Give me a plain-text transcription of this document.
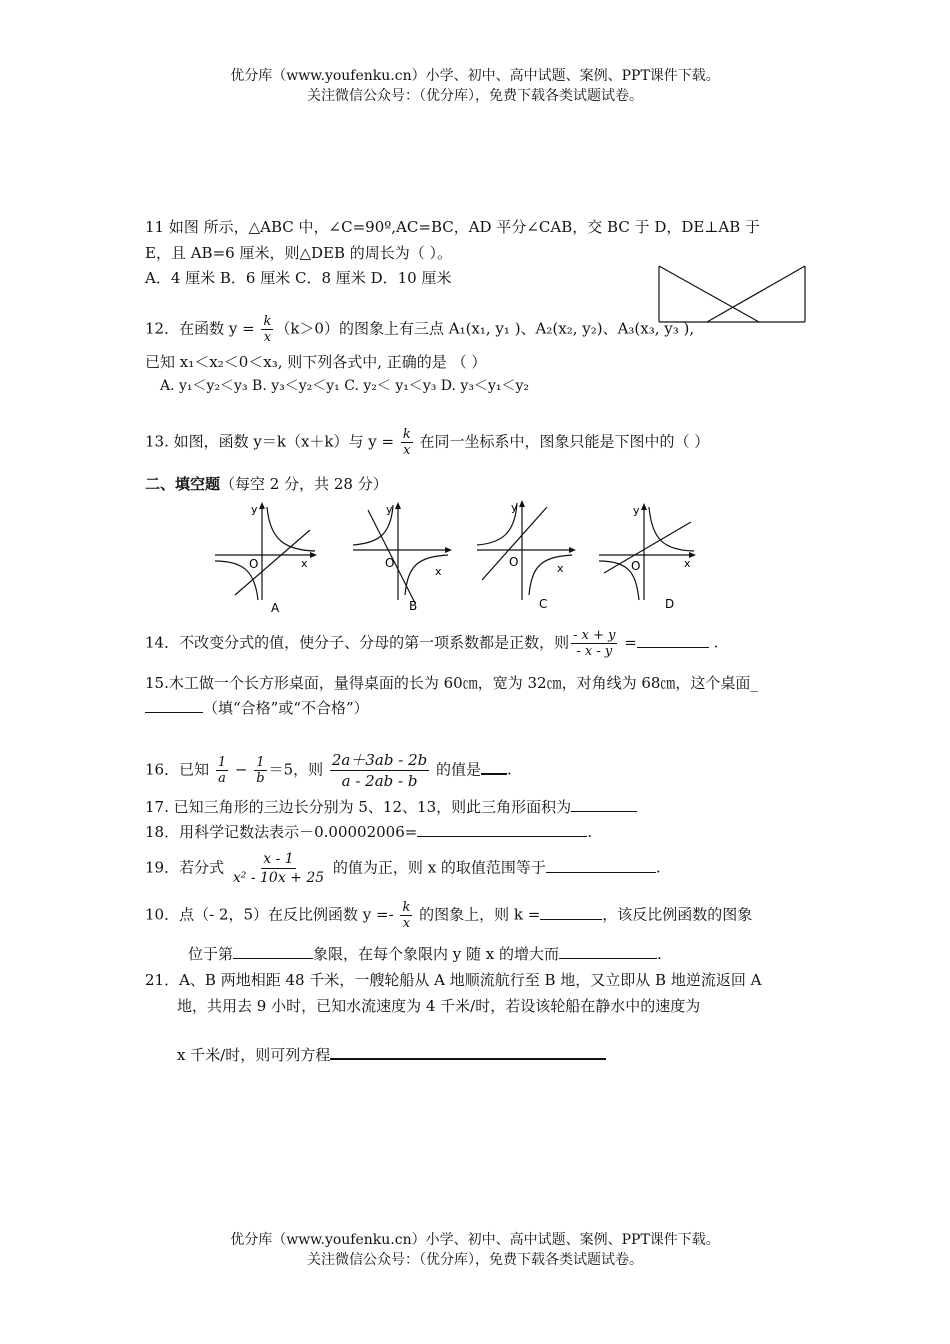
优分库（www.youfenku.cn）小学、初中、高中试题、案例、PPT课件下载。
关注微信公众号：（优分库），免费下载各类试题试卷。
11 如图 所示，△ABC 中，∠C=90º,AC=BC，AD 平分∠CAB，交 BC 于 D，DE⊥AB 于
E，且 AB=6 厘米，则△DEB 的周长为（ ）。
A．4 厘米 B．6 厘米 C．8 厘米 D．10 厘米
12．在函数 $y = \frac{k}{x} (k>0)$的图象上有三点 A₁(x₁, y₁ )、A₂(x₂, y₂)、A₃(x₃, y₃ ),
已知 x₁＜x₂＜0＜x₃, 则下列各式中, 正确的是 （ ）
A. y₁＜y₂＜y₃ B. y₃＜y₂＜y₁ C. y₂＜ y₁＜y₃ D. y₃＜y₁＜y₂
13. 如图，函数 y＝k（x＋k）与 $y = \frac{k}{x}$ 在同一坐标系中，图象只能是下图中的（ ）
二、填空题（每空 2 分，共 28 分）
y
x
O
A
y
x
O
B
y
x
O
C
y
x
O
D
14．不改变分式的值，使分子、分母的第一项系数都是正数，则 $\frac{- x + y}{- x - y}$ =	.
15.木工做一个长方形桌面，量得桌面的长为 60㎝，宽为 32㎝，对角线为 68㎝，这个桌面_
（填“合格”或“不合格”）
16．已知 $\frac{1}{a} - \frac{1}{b} =5$，则 $\frac{2a+3ab - 2b}{a - 2ab - b}$ 的值是 .
17. 已知三角形的三边长分别为 5、12、13，则此三角形面积为
18．用科学记数法表示－0.00002006=	.
19．若分式 $\frac{x - 1}{\text{x² - 10x + 25}}$ 的值为正，则 x 的取值范围等于	.
10．点（- 2，5）在反比例函数 $y =- \frac{k}{x}$ 的图象上，则 k =	，该反比例函数的图象
位于第	象限，在每个象限内 y 随 x 的增大而	.
21．A、B 两地相距 48 千米，一艘轮船从 A 地顺流航行至 B 地，又立即从 B 地逆流返回 A
地，共用去 9 小时，已知水流速度为 4 千米/时，若设该轮船在静水中的速度为
x 千米/时，则可列方程
优分库（www.youfenku.cn）小学、初中、高中试题、案例、PPT课件下载。
关注微信公众号：（优分库），免费下载各类试题试卷。
